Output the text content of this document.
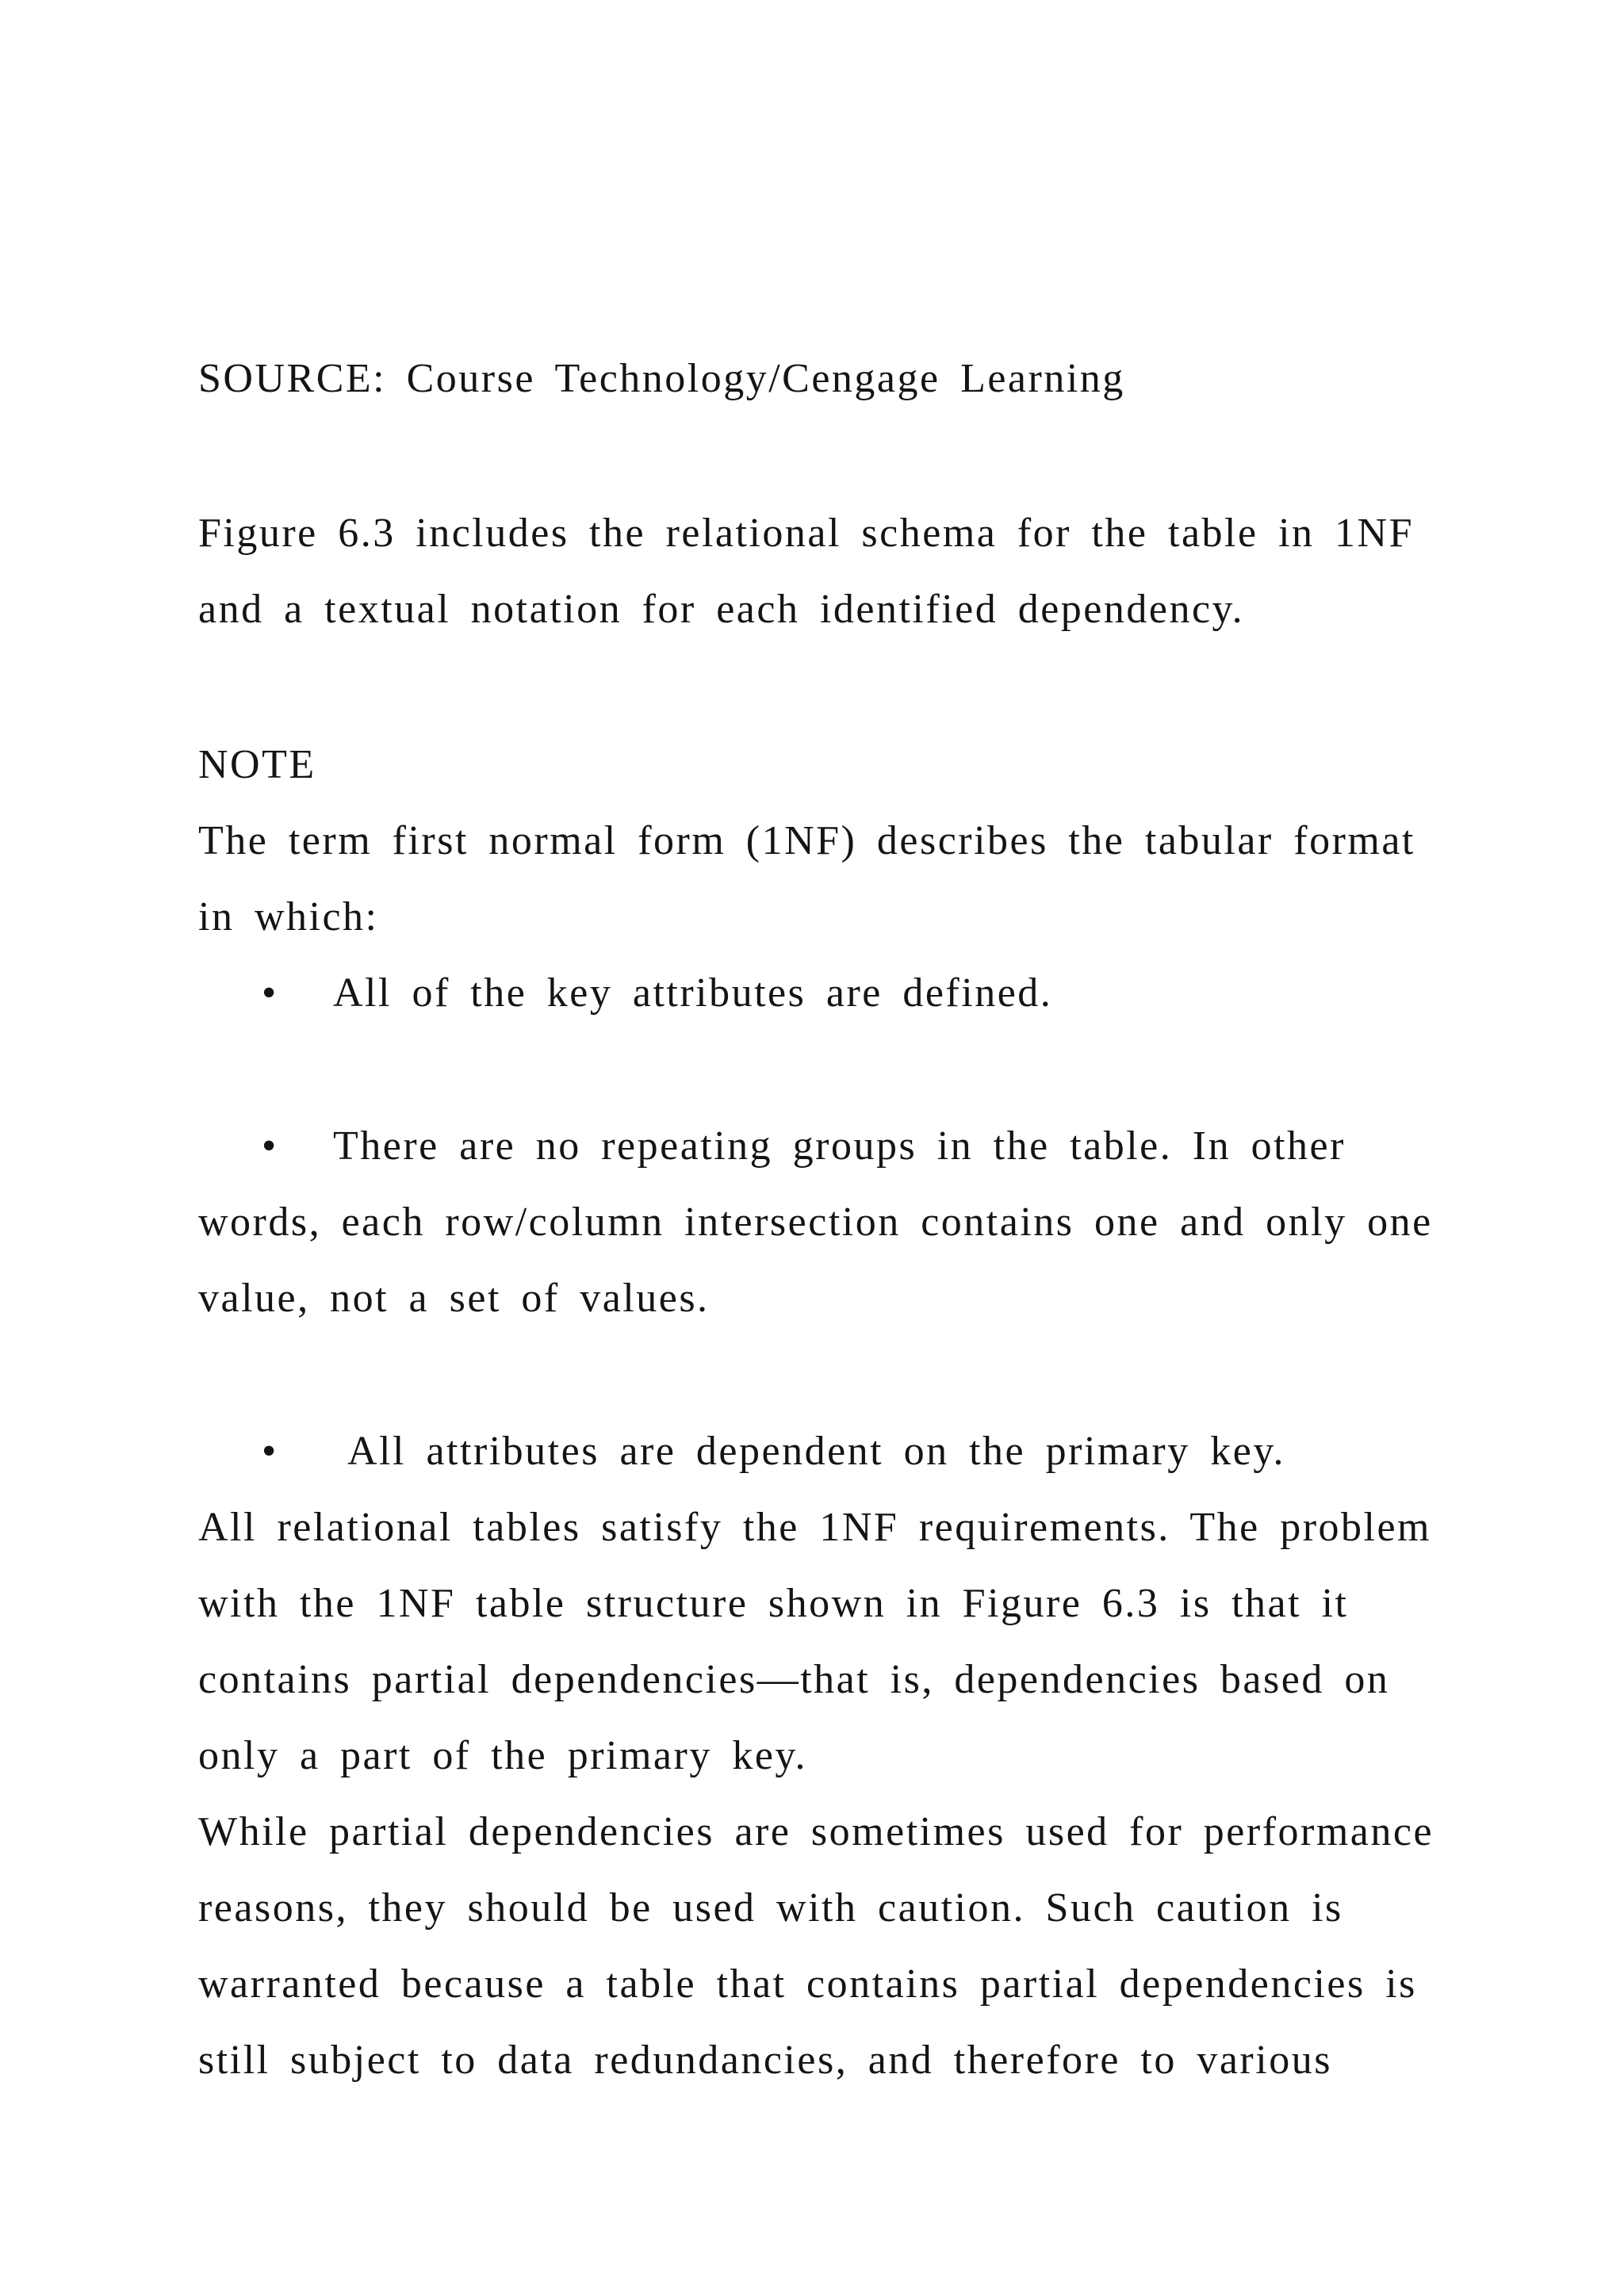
SOURCE: Course Technology/Cengage Learning
Figure 6.3 includes the relational schema for the table in 1NF
and a textual notation for each identified dependency.
NOTE
The term first normal form (1NF) describes the tabular format
in which:
• All of the key attributes are defined.
• There are no repeating groups in the table. In other
words, each row/column intersection contains one and only one
value, not a set of values.
• All attributes are dependent on the primary key.
All relational tables satisfy the 1NF requirements. The problem
with the 1NF table structure shown in Figure 6.3 is that it
contains partial dependencies—that is, dependencies based on
only a part of the primary key.
While partial dependencies are sometimes used for performance
reasons, they should be used with caution. Such caution is
warranted because a table that contains partial dependencies is
still subject to data redundancies, and therefore to various
